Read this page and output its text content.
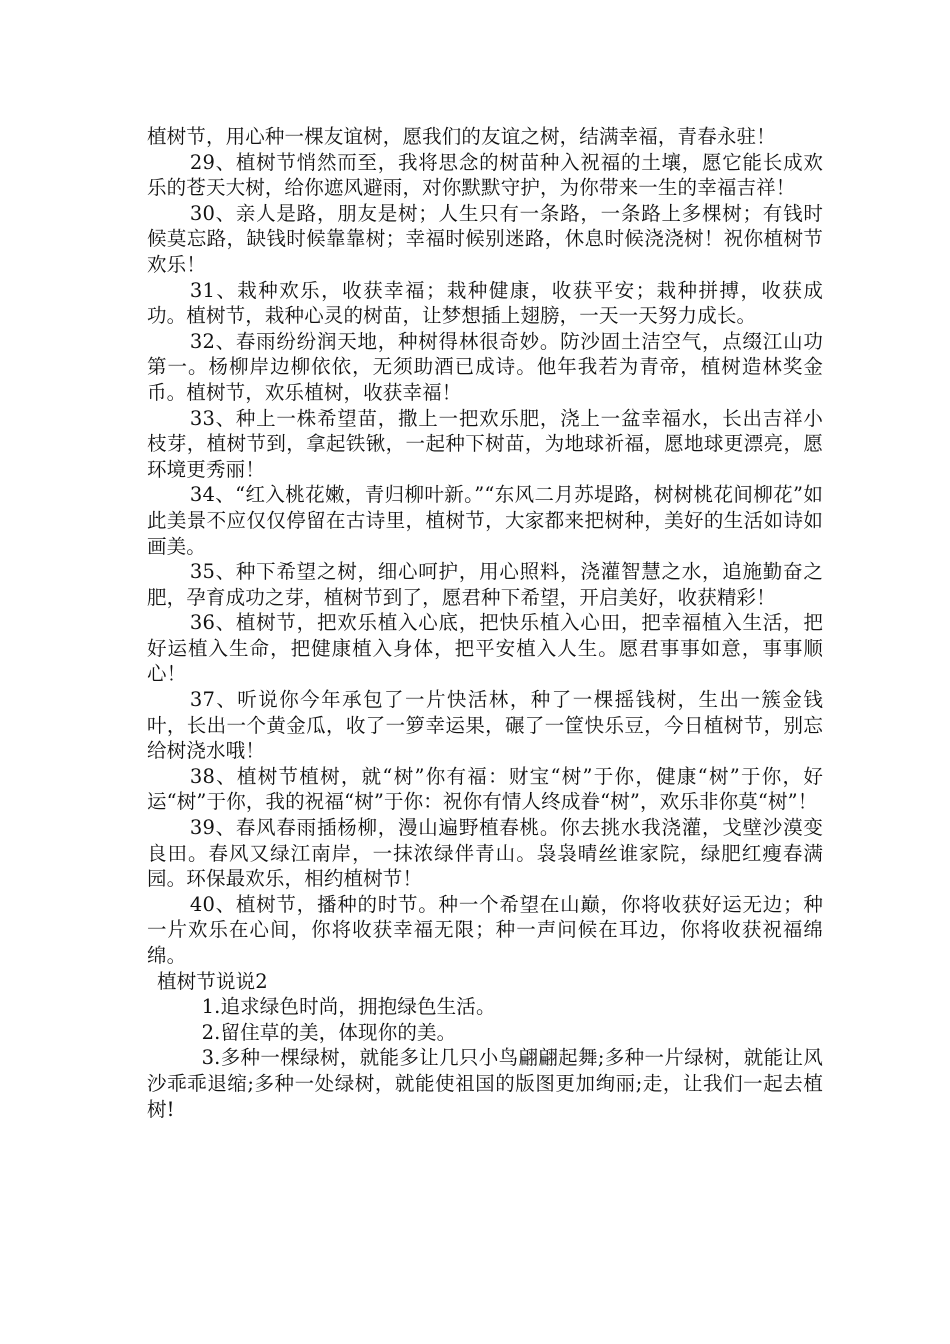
植树节，用心种一棵友谊树，愿我们的友谊之树，结满幸福，青春永驻！

29、植树节悄然而至，我将思念的树苗种入祝福的土壤，愿它能长成欢乐的苍天大树，给你遮风避雨，对你默默守护，为你带来一生的幸福吉祥！

30、亲人是路，朋友是树；人生只有一条路，一条路上多棵树；有钱时候莫忘路，缺钱时候靠靠树；幸福时候别迷路，休息时候浇浇树！祝你植树节欢乐！

31、栽种欢乐，收获幸福；栽种健康，收获平安；栽种拼搏，收获成功。植树节，栽种心灵的树苗，让梦想插上翅膀，一天一天努力成长。

32、春雨纷纷润天地，种树得林很奇妙。防沙固土洁空气，点缀江山功第一。杨柳岸边柳依依，无须助酒已成诗。他年我若为青帝，植树造林奖金币。植树节，欢乐植树，收获幸福！

33、种上一株希望苗，撒上一把欢乐肥，浇上一盆幸福水，长出吉祥小枝芽，植树节到，拿起铁锹，一起种下树苗，为地球祈福，愿地球更漂亮，愿环境更秀丽！

34、“红入桃花嫩，青归柳叶新。”“东风二月苏堤路，树树桃花间柳花”如此美景不应仅仅停留在古诗里，植树节，大家都来把树种，美好的生活如诗如画美。

35、种下希望之树，细心呵护，用心照料，浇灌智慧之水，追施勤奋之肥，孕育成功之芽，植树节到了，愿君种下希望，开启美好，收获精彩！

36、植树节，把欢乐植入心底，把快乐植入心田，把幸福植入生活，把好运植入生命，把健康植入身体，把平安植入人生。愿君事事如意，事事顺心！

37、听说你今年承包了一片快活林，种了一棵摇钱树，生出一簇金钱叶，长出一个黄金瓜，收了一箩幸运果，碾了一筐快乐豆，今日植树节，别忘给树浇水哦！

38、植树节植树，就“树”你有福：财宝“树”于你，健康“树”于你，好运“树”于你，我的祝福“树”于你：祝你有情人终成眷“树”，欢乐非你莫“树”！

39、春风春雨插杨柳，漫山遍野植春桃。你去挑水我浇灌，戈壁沙漠变良田。春风又绿江南岸，一抹浓绿伴青山。袅袅晴丝谁家院，绿肥红瘦春满园。环保最欢乐，相约植树节！

40、植树节，播种的时节。种一个希望在山巅，你将收获好运无边；种一片欢乐在心间，你将收获幸福无限；种一声问候在耳边，你将收获祝福绵绵。

植树节说说2

1.追求绿色时尚，拥抱绿色生活。

2.留住草的美，体现你的美。

3.多种一棵绿树，就能多让几只小鸟翩翩起舞;多种一片绿树，就能让风沙乖乖退缩;多种一处绿树，就能使祖国的版图更加绚丽;走，让我们一起去植树!
